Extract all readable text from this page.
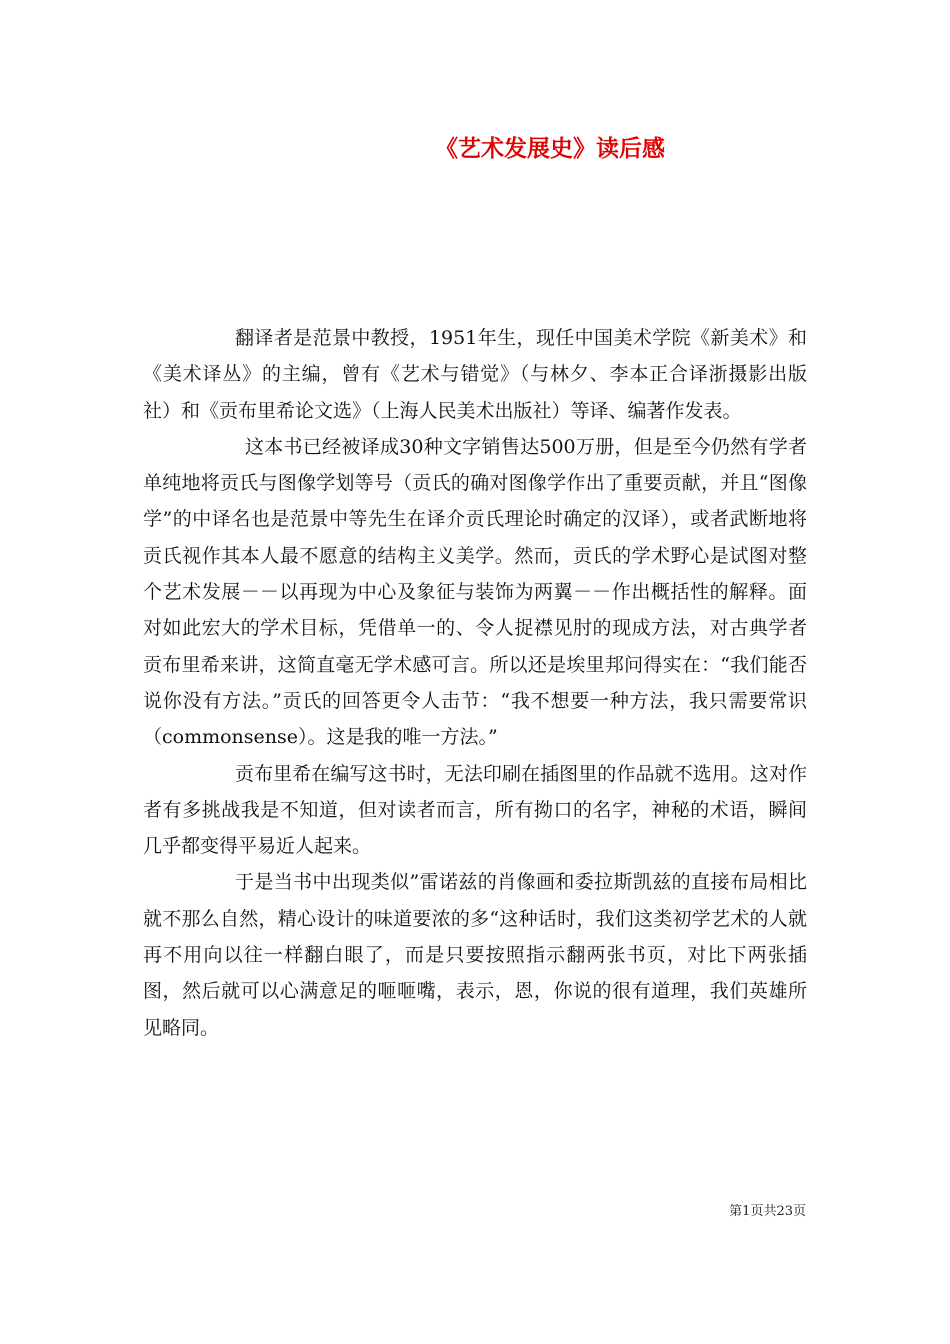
《艺术发展史》读后感

翻译者是范景中教授，1951年生，现任中国美术学院《新美术》和《美术译丛》的主编，曾有《艺术与错觉》（与林夕、李本正合译浙摄影出版社）和《贡布里希论文选》（上海人民美术出版社）等译、编著作发表。

这本书已经被译成30种文字销售达500万册，但是至今仍然有学者单纯地将贡氏与图像学划等号（贡氏的确对图像学作出了重要贡献，并且“图像学”的中译名也是范景中等先生在译介贡氏理论时确定的汉译），或者武断地将贡氏视作其本人最不愿意的结构主义美学。然而，贡氏的学术野心是试图对整个艺术发展－－以再现为中心及象征与装饰为两翼－－作出概括性的解释。面对如此宏大的学术目标，凭借单一的、令人捉襟见肘的现成方法，对古典学者贡布里希来讲，这简直毫无学术感可言。所以还是埃里邦问得实在：“我们能否说你没有方法。”贡氏的回答更令人击节：“我不想要一种方法，我只需要常识（commonsense）。这是我的唯一方法。”

贡布里希在编写这书时，无法印刷在插图里的作品就不选用。这对作者有多挑战我是不知道，但对读者而言，所有拗口的名字，神秘的术语，瞬间几乎都变得平易近人起来。

于是当书中出现类似”雷诺兹的肖像画和委拉斯凯兹的直接布局相比就不那么自然，精心设计的味道要浓的多“这种话时，我们这类初学艺术的人就再不用向以往一样翻白眼了，而是只要按照指示翻两张书页，对比下两张插图，然后就可以心满意足的咂咂嘴，表示，恩，你说的很有道理，我们英雄所见略同。

第1页共23页
